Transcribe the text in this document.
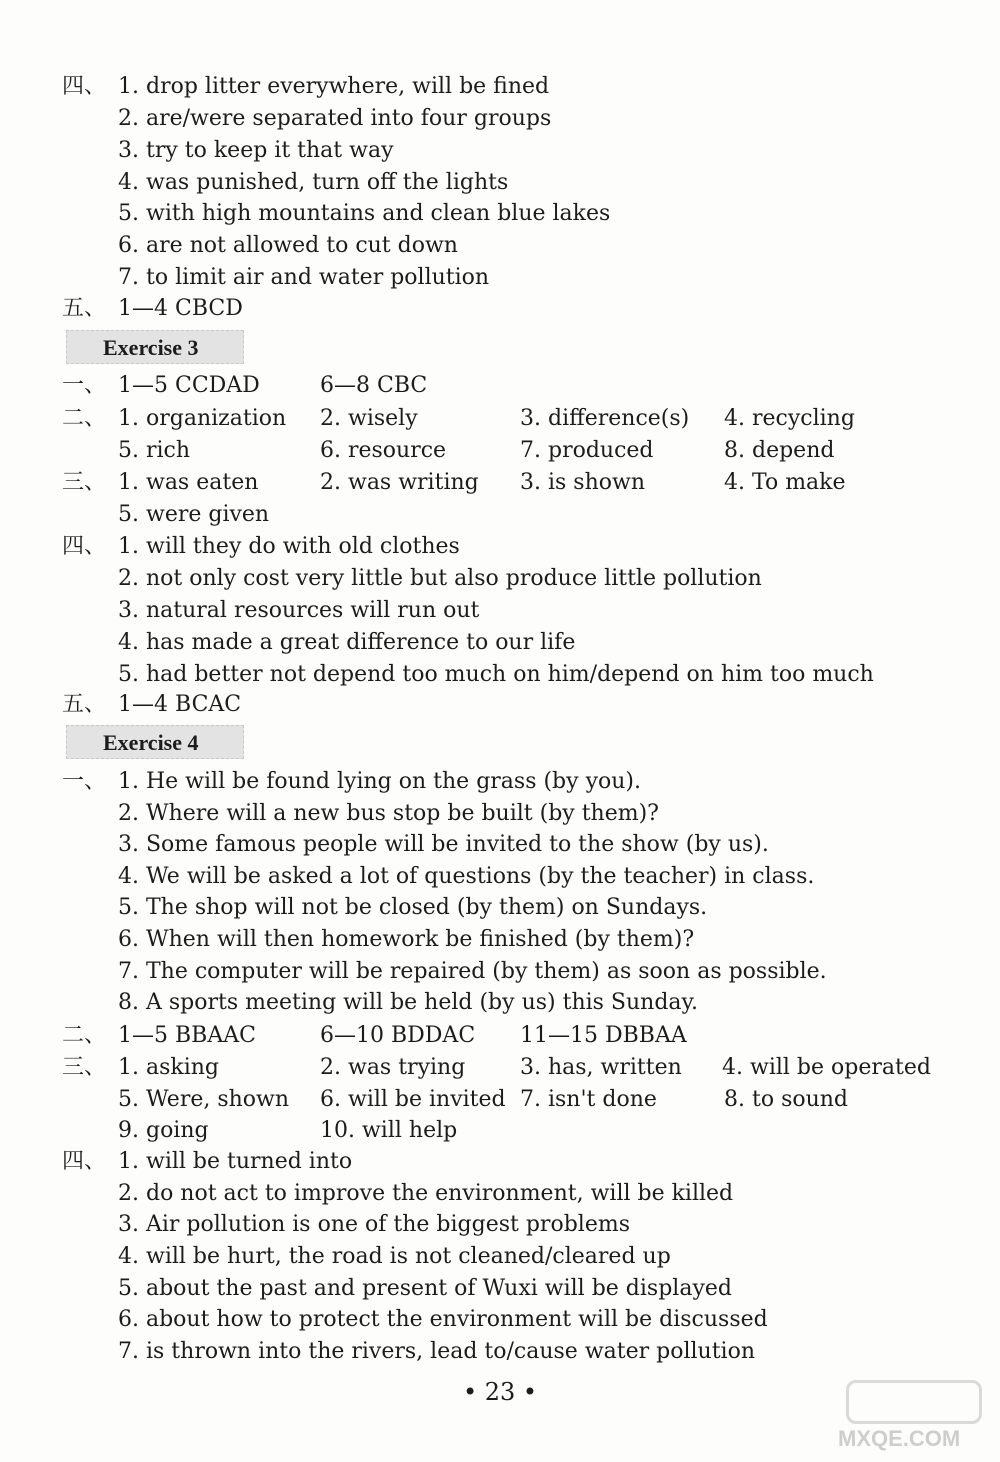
四、 1. drop litter everywhere, will be fined
2. are/were separated into four groups
3. try to keep it that way
4. was punished, turn off the lights
5. with high mountains and clean blue lakes
6. are not allowed to cut down
7. to limit air and water pollution
五、 1—4 CBCD
Exercise 3
一、 1—5 CCDAD	6—8 CBC
二、 1. organization 2. wisely	3. difference(s) 4. recycling
5. rich	6. resource	7. produced	8. depend
三、 1. was eaten	2. was writing 3. is shown	4. To make
5. were given
四、 1. will they do with old clothes
2. not only cost very little but also produce little pollution
3. natural resources will run out
4. has made a great difference to our life
5. had better not depend too much on him/depend on him too much
五、 1—4 BCAC
Exercise 4
一、 1. He will be found lying on the grass (by you).
2. Where will a new bus stop be built (by them)?
3. Some famous people will be invited to the show (by us).
4. We will be asked a lot of questions (by the teacher) in class.
5. The shop will not be closed (by them) on Sundays.
6. When will then homework be finished (by them)?
7. The computer will be repaired (by them) as soon as possible.
8. A sports meeting will be held (by us) this Sunday.
二、 1—5 BBAAC	6—10 BDDAC 11—15 DBBAA
三、 1. asking	2. was trying 3. has, written 4. will be operated
5. Were, shown 6. will be invited 7. isn't done	8. to sound
9. going	10. will help
四、 1. will be turned into
2. do not act to improve the environment, will be killed
3. Air pollution is one of the biggest problems
4. will be hurt, the road is not cleaned/cleared up
5. about the past and present of Wuxi will be displayed
6. about how to protect the environment will be discussed
7. is thrown into the rivers, lead to/cause water pollution
• 23 •
MXQE.COM
